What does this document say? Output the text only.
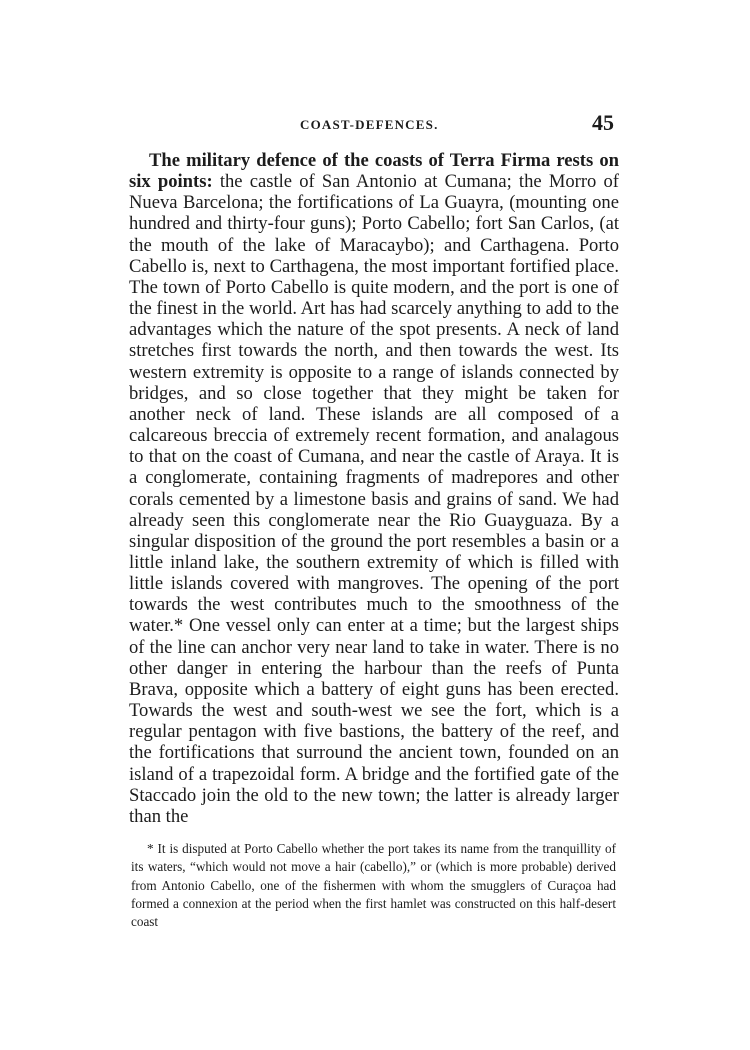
COAST-DEFENCES.	45

The military defence of the coasts of Terra Firma rests on six points: the castle of San Antonio at Cumana; the Morro of Nueva Barcelona; the fortifications of La Guayra, (mounting one hundred and thirty-four guns); Porto Cabello; fort San Carlos, (at the mouth of the lake of Maracaybo); and Carthagena. Porto Cabello is, next to Carthagena, the most important fortified place. The town of Porto Cabello is quite modern, and the port is one of the finest in the world. Art has had scarcely anything to add to the advantages which the nature of the spot presents. A neck of land stretches first towards the north, and then towards the west. Its western extremity is opposite to a range of islands connected by bridges, and so close together that they might be taken for another neck of land. These islands are all composed of a calcareous breccia of extremely recent formation, and analagous to that on the coast of Cumana, and near the castle of Araya. It is a conglomerate, containing fragments of madrepores and other corals cemented by a limestone basis and grains of sand. We had already seen this conglomerate near the Rio Guayguaza. By a singular disposition of the ground the port resembles a basin or a little inland lake, the southern extremity of which is filled with little islands covered with mangroves. The opening of the port towards the west contributes much to the smoothness of the water.* One vessel only can enter at a time; but the largest ships of the line can anchor very near land to take in water. There is no other danger in entering the harbour than the reefs of Punta Brava, opposite which a battery of eight guns has been erected. Towards the west and south-west we see the fort, which is a regular pentagon with five bastions, the battery of the reef, and the fortifications that surround the ancient town, founded on an island of a trapezoidal form. A bridge and the fortified gate of the Staccado join the old to the new town; the latter is already larger than the

* It is disputed at Porto Cabello whether the port takes its name from the tranquillity of its waters, “which would not move a hair (cabello),” or (which is more probable) derived from Antonio Cabello, one of the fishermen with whom the smugglers of Curaçoa had formed a connexion at the period when the first hamlet was constructed on this half-desert coast
